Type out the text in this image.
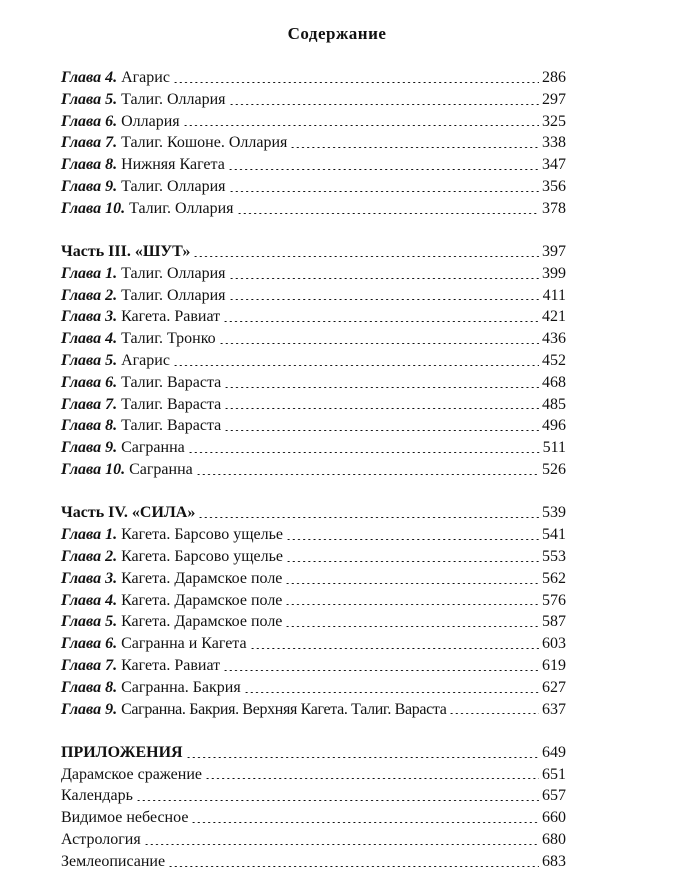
Содержание
Глава 4. Агарис	286
Глава 5. Талиг. Оллария	297
Глава 6. Оллария	325
Глава 7. Талиг. Кошоне. Оллария	338
Глава 8. Нижняя Кагета	347
Глава 9. Талиг. Оллария	356
Глава 10. Талиг. Оллария	378
Часть III. «ШУТ»	397
Глава 1. Талиг. Оллария	399
Глава 2. Талиг. Оллария	411
Глава 3. Кагета. Равиат	421
Глава 4. Талиг. Тронко	436
Глава 5. Агарис	452
Глава 6. Талиг. Вараста	468
Глава 7. Талиг. Вараста	485
Глава 8. Талиг. Вараста	496
Глава 9. Сагранна	511
Глава 10. Сагранна	526
Часть IV. «СИЛА»	539
Глава 1. Кагета. Барсово ущелье	541
Глава 2. Кагета. Барсово ущелье	553
Глава 3. Кагета. Дарамское поле	562
Глава 4. Кагета. Дарамское поле	576
Глава 5. Кагета. Дарамское поле	587
Глава 6. Сагранна и Кагета	603
Глава 7. Кагета. Равиат	619
Глава 8. Сагранна. Бакрия	627
Глава 9. Сагранна. Бакрия. Верхняя Кагета. Талиг. Вараста	637
ПРИЛОЖЕНИЯ	649
Дарамское сражение	651
Календарь	657
Видимое небесное	660
Астрология	680
Землеописание	683
